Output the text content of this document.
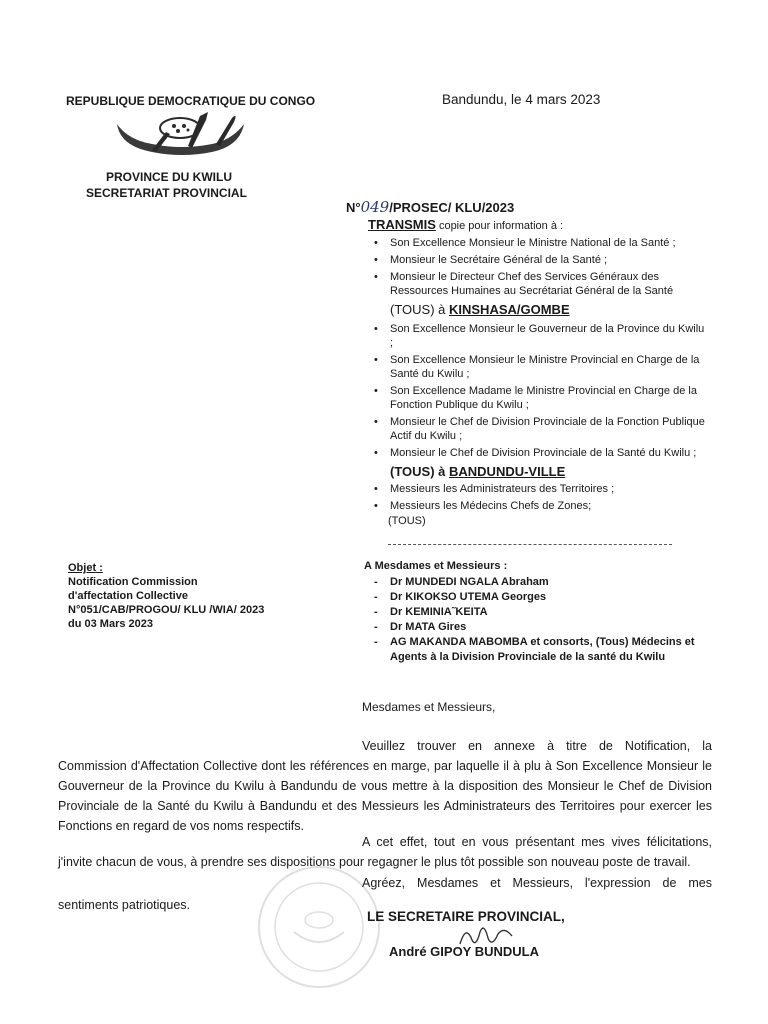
REPUBLIQUE DEMOCRATIQUE DU CONGO
PROVINCE DU KWILU
SECRETARIAT PROVINCIAL
Bandundu, le 4 mars 2023
N°049/PROSEC/ KLU/2023
TRANSMIS copie pour information à :
• Son Excellence Monsieur le Ministre National de la Santé ;
• Monsieur le Secrétaire Général de la Santé ;
• Monsieur le Directeur Chef des Services Généraux des Ressources Humaines au Secrétariat Général de la Santé
(TOUS) à KINSHASA/GOMBE
• Son Excellence Monsieur le Gouverneur de la Province du Kwilu ;
• Son Excellence Monsieur le Ministre Provincial en Charge de la Santé du Kwilu ;
• Son Excellence Madame le Ministre Provincial en Charge de la Fonction Publique du Kwilu ;
• Monsieur le Chef de Division Provinciale de la Fonction Publique Actif du Kwilu ;
• Monsieur le Chef de Division Provinciale de la Santé du Kwilu ;
(TOUS) à BANDUNDU-VILLE
• Messieurs les Administrateurs des Territoires ;
• Messieurs les Médecins Chefs de Zones;
(TOUS)
Objet :
Notification Commission
d'affectation Collective
N°051/CAB/PROGOU/ KLU /WIA/ 2023
du 03 Mars 2023
A Mesdames et Messieurs :
- Dr MUNDEDI NGALA Abraham
- Dr KIKOKSO UTEMA Georges
- Dr KEMINIA˜KEITA
- Dr MATA Gires
- AG MAKANDA MABOMBA et consorts, (Tous) Médecins et Agents à la Division Provinciale de la santé du Kwilu
Mesdames et Messieurs,
Veuillez trouver en annexe à titre de Notification, la Commission d'Affectation Collective dont les références en marge, par laquelle il à plu à Son Excellence Monsieur le Gouverneur de la Province du Kwilu à Bandundu de vous mettre à la disposition des Monsieur le Chef de Division Provinciale de la Santé du Kwilu à Bandundu et des Messieurs les Administrateurs des Territoires pour exercer les Fonctions en regard de vos noms respectifs.
A cet effet, tout en vous présentant mes vives félicitations, j'invite chacun de vous, à prendre ses dispositions pour regagner le plus tôt possible son nouveau poste de travail.
Agréez, Mesdames et Messieurs, l'expression de mes sentiments patriotiques.
LE SECRETAIRE PROVINCIAL,
André GIPOY BUNDULA
